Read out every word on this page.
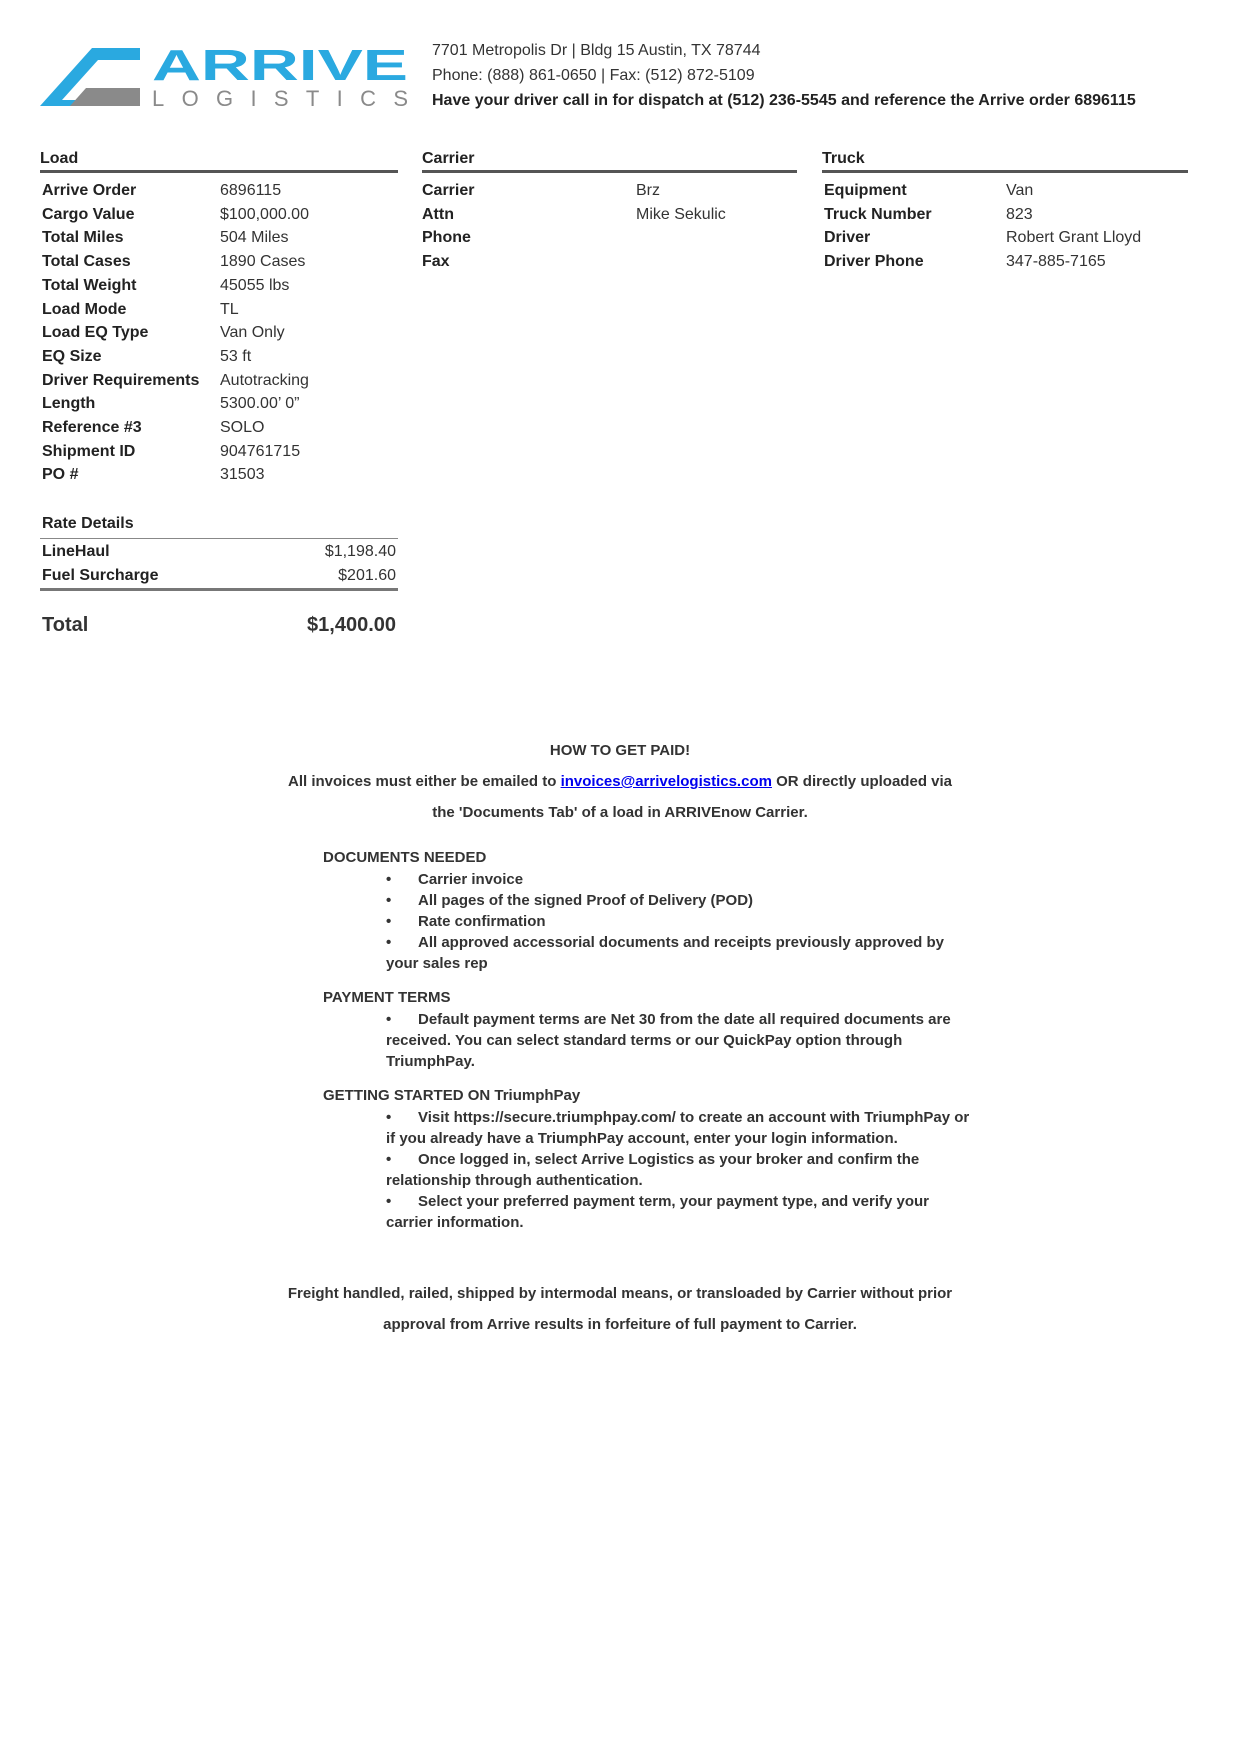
ARRIVE
LOGISTICS
7701 Metropolis Dr | Bldg 15 Austin, TX 78744
Phone: (888) 861-0650 | Fax: (512) 872-5109
Have your driver call in for dispatch at (512) 236-5545 and reference the Arrive order 6896115
Load
Arrive Order	6896115
Cargo Value	$100,000.00
Total Miles	504 Miles
Total Cases	1890 Cases
Total Weight	45055 lbs
Load Mode	TL
Load EQ Type	Van Only
EQ Size	53 ft
Driver Requirements Autotracking
Length	5300.00’ 0”
Reference #3	SOLO
Shipment ID	904761715
PO #	31503
Carrier
Carrier	Brz
Attn	Mike Sekulic
Phone
Fax
Truck
Equipment	Van
Truck Number	823
Driver	Robert Grant Lloyd
Driver Phone	347-885-7165
Rate Details
LineHaul	$1,198.40
Fuel Surcharge	$201.60
Total	$1,400.00
HOW TO GET PAID!
All invoices must either be emailed to invoices@arrivelogistics.com OR directly uploaded via
the 'Documents Tab' of a load in ARRIVEnow Carrier.
DOCUMENTS NEEDED
• Carrier invoice
• All pages of the signed Proof of Delivery (POD)
• Rate confirmation
• All approved accessorial documents and receipts previously approved by your sales rep
PAYMENT TERMS
• Default payment terms are Net 30 from the date all required documents are received. You can select standard terms or our QuickPay option through TriumphPay.
GETTING STARTED ON TriumphPay
• Visit https://secure.triumphpay.com/ to create an account with TriumphPay or if you already have a TriumphPay account, enter your login information.
• Once logged in, select Arrive Logistics as your broker and confirm the relationship through authentication.
• Select your preferred payment term, your payment type, and verify your carrier information.
Freight handled, railed, shipped by intermodal means, or transloaded by Carrier without prior
approval from Arrive results in forfeiture of full payment to Carrier.
